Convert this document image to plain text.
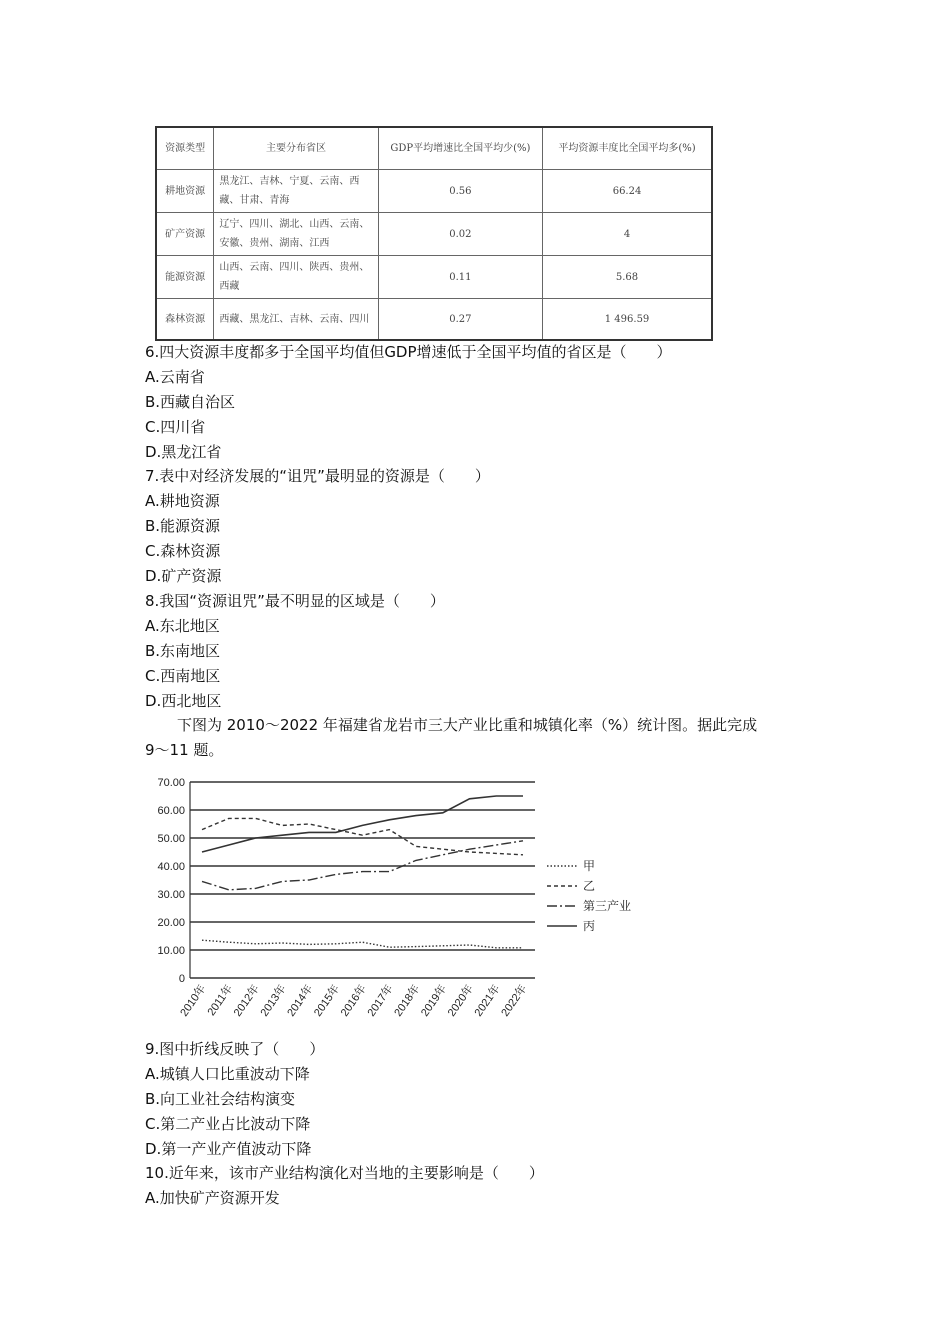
资源类型	主要分布省区	GDP平均增速比全国平均少(%)	平均资源丰度比全国平均多(%)
耕地资源	黑龙江、吉林、宁夏、云南、西藏、甘肃、青海	0.56	66.24
矿产资源	辽宁、四川、湖北、山西、云南、安徽、贵州、湖南、江西	0.02	4
能源资源	山西、云南、四川、陕西、贵州、西藏	0.11	5.68
森林资源	西藏、黑龙江、吉林、云南、四川	0.27	1 496.59
6.四大资源丰度都多于全国平均值但GDP增速低于全国平均值的省区是（　　）
A.云南省
B.西藏自治区
C.四川省
D.黑龙江省
7.表中对经济发展的“诅咒”最明显的资源是（　　）
A.耕地资源
B.能源资源
C.森林资源
D.矿产资源
8.我国“资源诅咒”最不明显的区域是（　　）
A.东北地区
B.东南地区
C.西南地区
D.西北地区
下图为 2010～2022 年福建省龙岩市三大产业比重和城镇化率（%）统计图。据此完成
9～11 题。
0
10.00
20.00
30.00
40.00
50.00
60.00
70.00
2010年
2011年
2012年
2013年
2014年
2015年
2016年
2017年
2018年
2019年
2020年
2021年
2022年
甲
乙
第三产业
丙
9.图中折线反映了（　　）
A.城镇人口比重波动下降
B.向工业社会结构演变
C.第二产业占比波动下降
D.第一产业产值波动下降
10.近年来，该市产业结构演化对当地的主要影响是（　　）
A.加快矿产资源开发
